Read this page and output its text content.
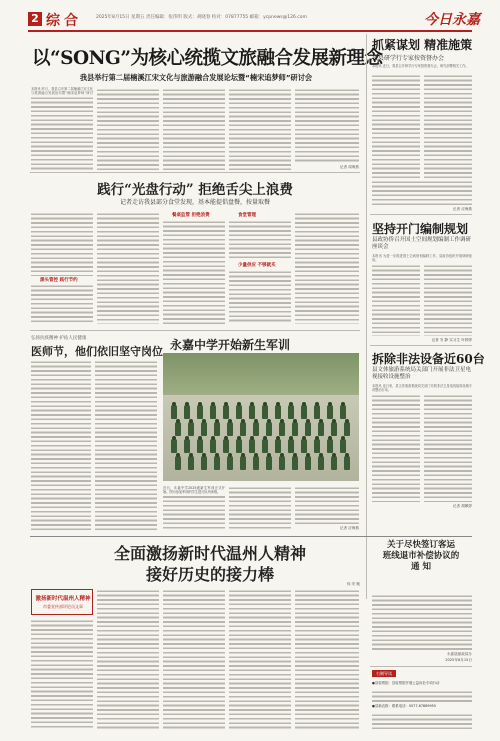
2 综合	2025年8月15日 星期五 责任编辑：张伟明 版式：胡晓春 校对：07877755 邮箱：ycpnews@126.com	今日永嘉
以“SONG”为核心统揽文旅融合发展新理念
我县举行第二届楠溪江宋文化与旅游融合发展论坛暨“楠宋追梦师”研讨会
本报讯 昨日，我县召开第二届楠溪江宋文化与旅游融合发展论坛暨“楠宋追梦师”研讨
记者 周海燕
抓紧谋划 精准施策
我县研学行专家按资督办会
本报讯 近日，我县召开研学行专家按资督办会，研究部署相关工作。
记者 应海燕
坚持开门编制规划
县政协侨召开国土空间规划编制工作调研座谈会
本报讯 为进一步推进国土空间规划编制工作，县政协组织开展调研座谈。
记者 安 静 实习生 叶婷婷
拆除非法设备近60台
县文体旅游系统局关部门开展非法卫星电视接收设施整治
本报讯 连日来，县文体旅游系统局关部门开展非法卫星电视接收设施专项整治行动。
记者 胡佩婷
践行“光盘行动” 拒绝舌尖上浪费
记者走访我县部分食堂发现，基本能提倡盘餐，按量取餐
源头管控 践行节约
餐桌监管 拒绝浪费	食堂管理
少量供应 不够就买
弘扬抗疫精神 护佑人民健康
医师节，他们依旧坚守岗位 永嘉中学开始新生军训
近日，永嘉中学2025级新生军训正式开始。图为参加军训的学生进行队列训练。
记者 应海燕
全面激扬新时代温州人精神
接好历史的接力棒	伟 安 舰
激扬新时代温州人精神
市委宣传部评论员文章
关于尽快签订客运
班线退市补偿协议的
通 知
永嘉县邮政局办
2025年8月15日
右侧导读
●县检察院：县检察院开展公益诉讼专项行动
●县新农推：联系电话：0577-67889955
